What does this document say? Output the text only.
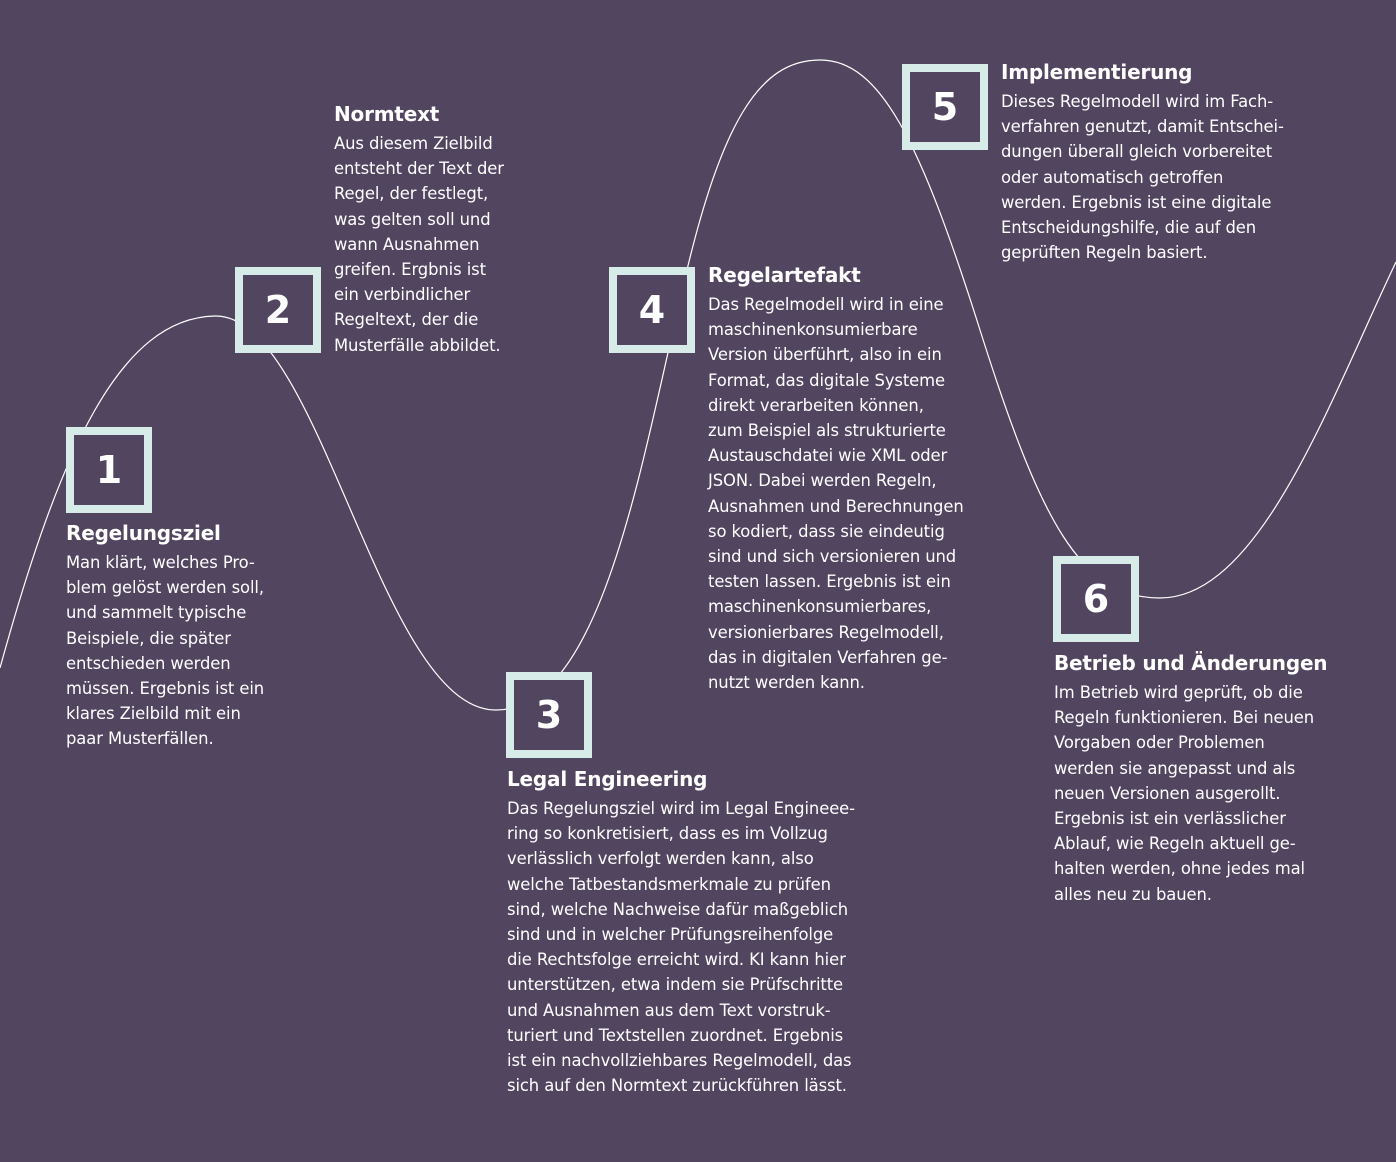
1
Regelungsziel

Man klärt, welches Pro-
blem gelöst werden soll,
und sammelt typische
Beispiele, die später
entschieden werden
müssen. Ergebnis ist ein
klares Zielbild mit ein
paar Musterfällen.

2
Normtext

Aus diesem Zielbild
entsteht der Text der
Regel, der festlegt,
was gelten soll und
wann Ausnahmen
greifen. Ergbnis ist
ein verbindlicher
Regeltext, der die
Musterfälle abbildet.

3
Legal Engineering

Das Regelungsziel wird im Legal Engineee-
ring so konkretisiert, dass es im Vollzug
verlässlich verfolgt werden kann, also
welche Tatbestandsmerkmale zu prüfen
sind, welche Nachweise dafür maßgeblich
sind und in welcher Prüfungsreihenfolge
die Rechtsfolge erreicht wird. KI kann hier
unterstützen, etwa indem sie Prüfschritte
und Ausnahmen aus dem Text vorstruk-
turiert und Textstellen zuordnet. Ergebnis
ist ein nachvollziehbares Regelmodell, das
sich auf den Normtext zurückführen lässt.

4
Regelartefakt

Das Regelmodell wird in eine
maschinenkonsumierbare
Version überführt, also in ein
Format, das digitale Systeme
direkt verarbeiten können,
zum Beispiel als strukturierte
Austauschdatei wie XML oder
JSON. Dabei werden Regeln,
Ausnahmen und Berechnungen
so kodiert, dass sie eindeutig
sind und sich versionieren und
testen lassen. Ergebnis ist ein
maschinenkonsumierbares,
versionierbares Regelmodell,
das in digitalen Verfahren ge-
nutzt werden kann.

5
Implementierung

Dieses Regelmodell wird im Fach-
verfahren genutzt, damit Entschei-
dungen überall gleich vorbereitet
oder automatisch getroffen
werden. Ergebnis ist eine digitale
Entscheidungshilfe, die auf den
geprüften Regeln basiert.

6
Betrieb und Änderungen

Im Betrieb wird geprüft, ob die
Regeln funktionieren. Bei neuen
Vorgaben oder Problemen
werden sie angepasst und als
neuen Versionen ausgerollt.
Ergebnis ist ein verlässlicher
Ablauf, wie Regeln aktuell ge-
halten werden, ohne jedes mal
alles neu zu bauen.
